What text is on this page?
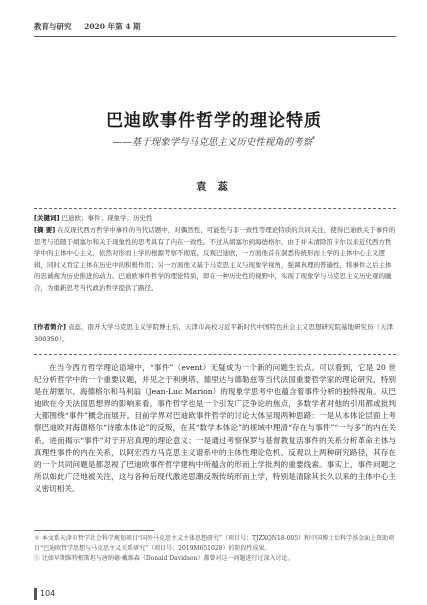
教育与研究 2020 年第 4 期
巴迪欧事件哲学的理论特质
——基于现象学与马克思主义历史性视角的考察*
袁 蕊
[关键词] 巴迪欧；事件；现象学；历史性
[摘 要] 在反现代西方哲学中事件的当代话题中，对偶然性、可能性与非一致性等理论特质的共同关注，使得巴迪欧关于事件的思考与追随于胡塞尔和关于现象性的思考具有了内在一致性。不过从胡塞尔到海德格尔，由于并未清除笛卡尔以来近代西方哲学中的主体中心主义，依然对形而上学的根源考察不彻底。反观巴迪欧，一方面他首在洞悉传统形而上学的主体中心主义逻辑，同时又肯定主体在历史中的积极作用；另一方面他又基于马克思主义与现象学视角，强调真理的普遍性，将事件之后主体的忠诚视为历史推进的动力。巴迪欧事件哲学的理论特质，即在一种历史性的视野中，实现了现象学与马克思主义历史观的融合，为重新思考当代政治哲学提供了路径。
[作者简介] 袁蕊，南开大学马克思主义学院博士后，天津市高校习近平新时代中国特色社会主义思想研究院基地研究员（天津 300350）。
在当今西方哲学理论语境中，“事件”（event）无疑成为一个新的问题生长点。可以看到，它是 20 世纪分析哲学中的一个重要议题，并见之于利奥塔、德里达与德勒兹等当代法国重要哲学家的理论研究，特别是在胡塞尔、海德格尔和马利翁（Jean-Luc Marion）的现象学思考中也蕴含着事件分析的独特视角。从巴迪欧在今天法国思想界的影响来看，事件哲学也是一个引发广泛争论的焦点，多数学者对他的引用都或批判大都围绕“事件”概念而展开。目前学界对巴迪欧事件哲学的讨论大体呈现两种思路：一是从本体论层面上考察巴迪欧对海德格尔“诗歌本体论”的反叛，在其“数学本体论”的视域中理清“存在与事件”“一与多”的内在关系，进而揭示“事件”对于开启真理的理论意义；一是通过考察保罗与基督教复活事件的关系分析革命主体与真理性事件的内在关系，以阿宏西方马克思主义谱系中的主体性理论危机、反观以上两种研究路径，其存在的一个共同问题是都忽视了巴迪欧事件哲学建构中所蕴含的形而上学批判的重要线索。事实上，事件问题之所以如此广泛地被关注，这与各种后现代激进思潮反叛传统形而上学，特别是清除其长久以来的主体中心主义密切相关。

＊ 本文系天津市哲学社会科学规划项目“国外马克思主义主体思想研究”（项目号：TJZXQN18-005）和中国博士后科学基金面上资助项目“巴迪欧哲学思想与马克思主义关系研究”（项目号：2019M651028）的阶段性成果。

① 比如早期维特根斯坦与唐纳德·戴维森（Donald Davidson）都曾对这一问题进行过深入讨论。

104
